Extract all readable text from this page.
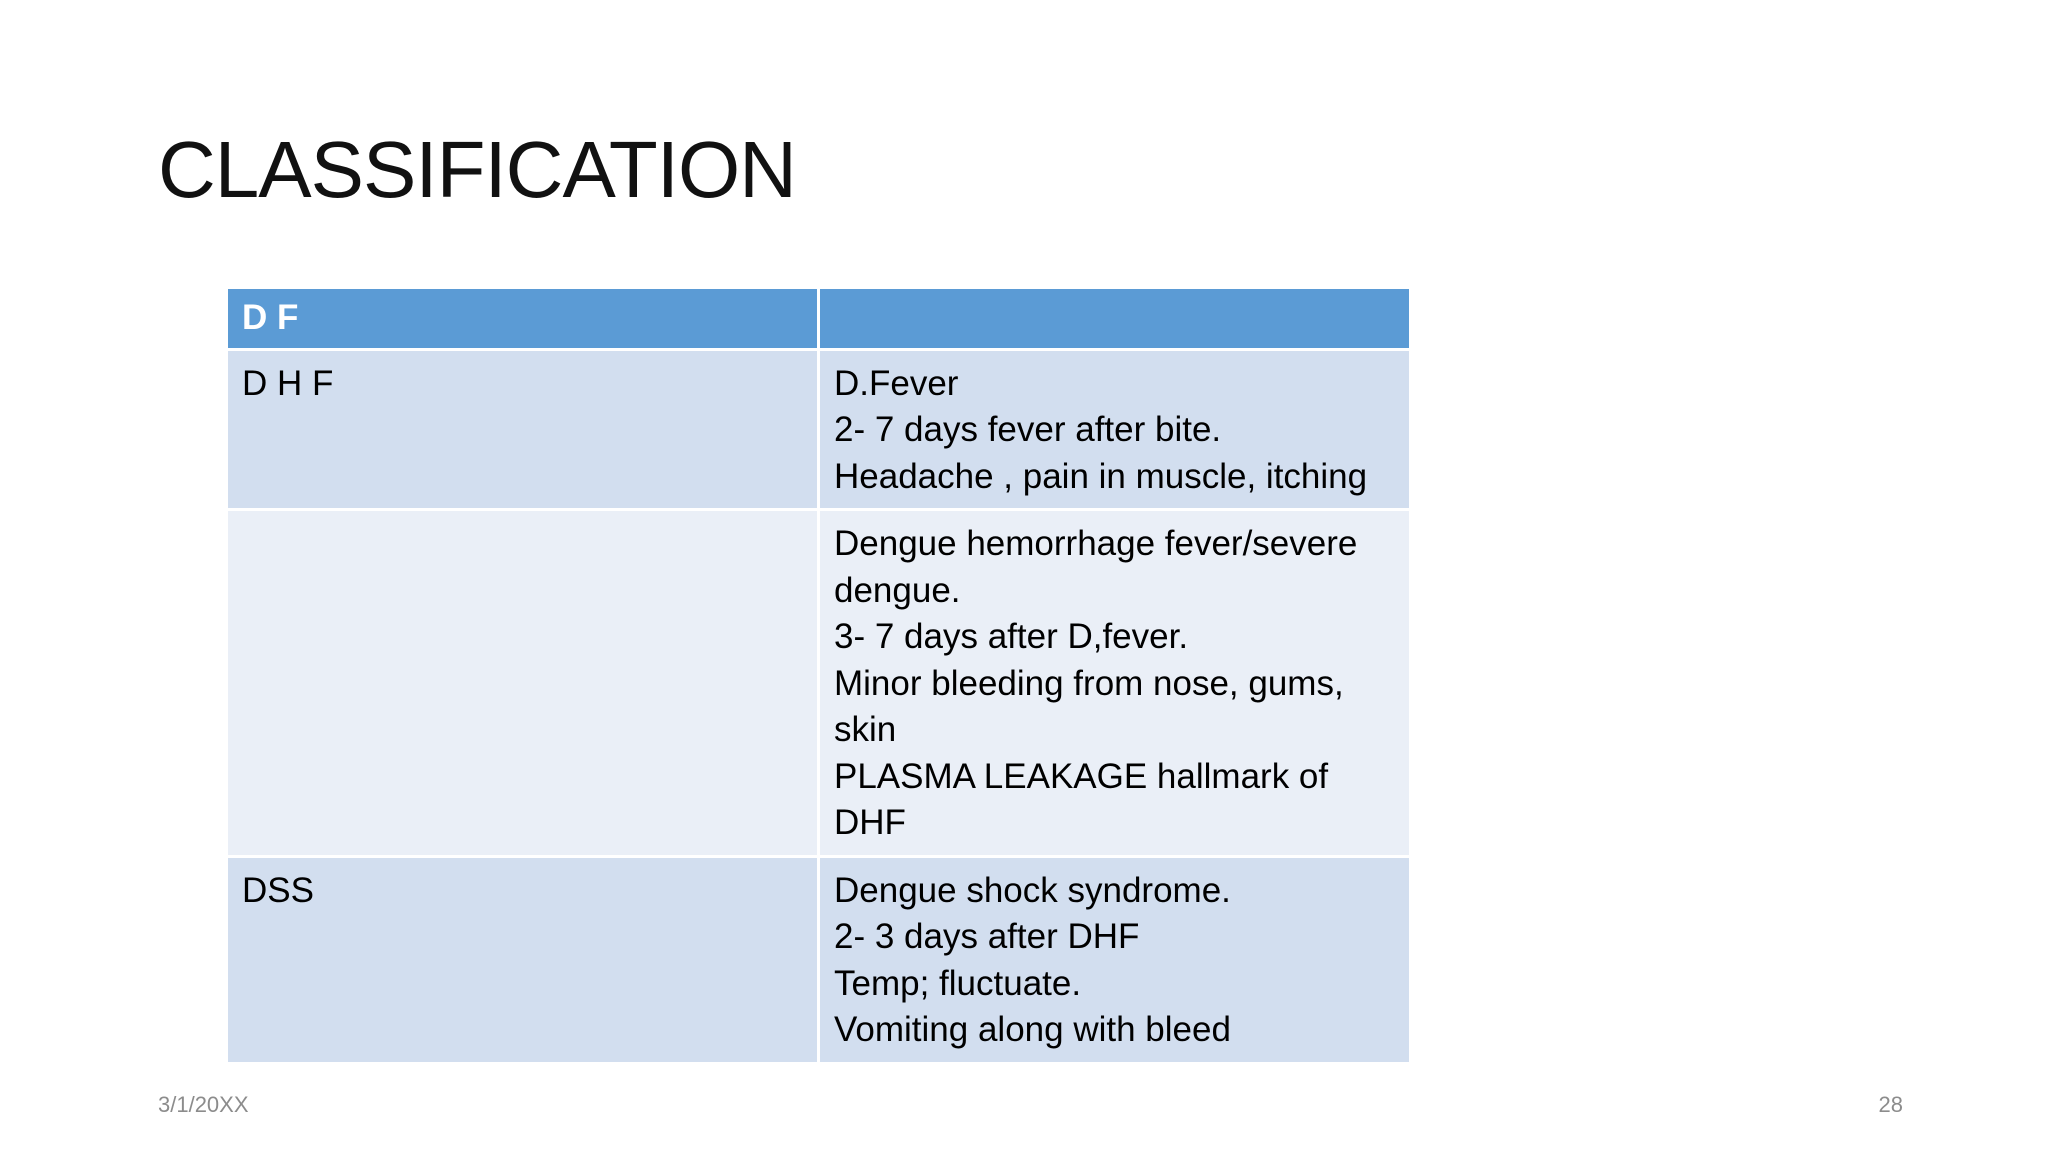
CLASSIFICATION
D F	
D H F	D.Fever
2- 7 days fever after bite.
Headache , pain in muscle, itching

	Dengue hemorrhage fever/severe dengue.
3- 7 days after D,fever.
Minor bleeding from nose, gums, skin
PLASMA LEAKAGE hallmark of DHF

DSS	Dengue shock syndrome.
2- 3 days after DHF
Temp; fluctuate.
Vomiting along with bleed
3/1/20XX	28
